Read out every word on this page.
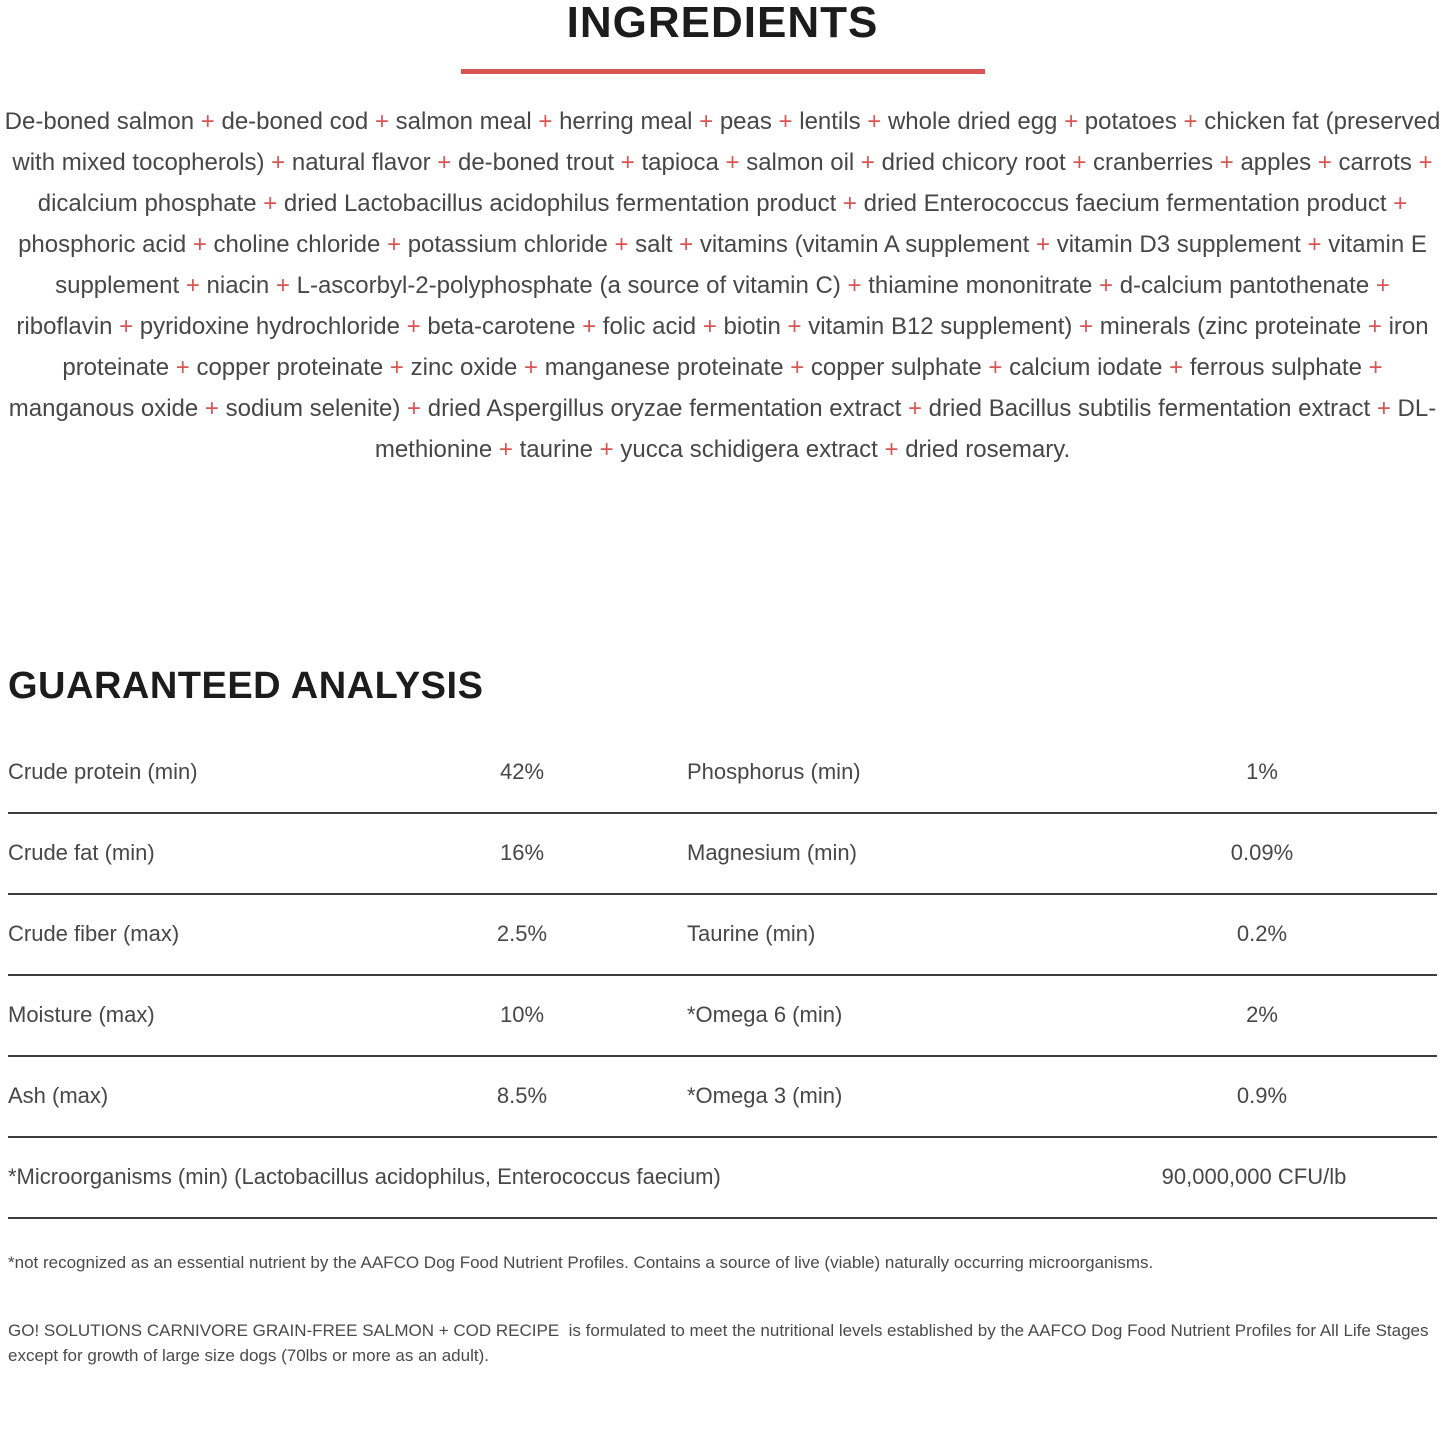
INGREDIENTS
De-boned salmon + de-boned cod + salmon meal + herring meal + peas + lentils + whole dried egg + potatoes + chicken fat (preserved with mixed tocopherols) + natural flavor + de-boned trout + tapioca + salmon oil + dried chicory root + cranberries + apples + carrots + dicalcium phosphate + dried Lactobacillus acidophilus fermentation product + dried Enterococcus faecium fermentation product + phosphoric acid + choline chloride + potassium chloride + salt + vitamins (vitamin A supplement + vitamin D3 supplement + vitamin E supplement + niacin + L-ascorbyl-2-polyphosphate (a source of vitamin C) + thiamine mononitrate + d-calcium pantothenate + riboflavin + pyridoxine hydrochloride + beta-carotene + folic acid + biotin + vitamin B12 supplement) + minerals (zinc proteinate + iron proteinate + copper proteinate + zinc oxide + manganese proteinate + copper sulphate + calcium iodate + ferrous sulphate + manganous oxide + sodium selenite) + dried Aspergillus oryzae fermentation extract + dried Bacillus subtilis fermentation extract + DL-methionine + taurine + yucca schidigera extract + dried rosemary.
GUARANTEED ANALYSIS
Crude protein (min)	42%	Phosphorus (min)	1%
Crude fat (min)	16%	Magnesium (min)	0.09%
Crude fiber (max)	2.5%	Taurine (min)	0.2%
Moisture (max)	10%	*Omega 6 (min)	2%
Ash (max)	8.5%	*Omega 3 (min)	0.9%
*Microorganisms (min) (Lactobacillus acidophilus, Enterococcus faecium)	90,000,000 CFU/lb
*not recognized as an essential nutrient by the AAFCO Dog Food Nutrient Profiles. Contains a source of live (viable) naturally occurring microorganisms.
GO! SOLUTIONS CARNIVORE GRAIN-FREE SALMON + COD RECIPE  is formulated to meet the nutritional levels established by the AAFCO Dog Food Nutrient Profiles for All Life Stages except for growth of large size dogs (70lbs or more as an adult).
